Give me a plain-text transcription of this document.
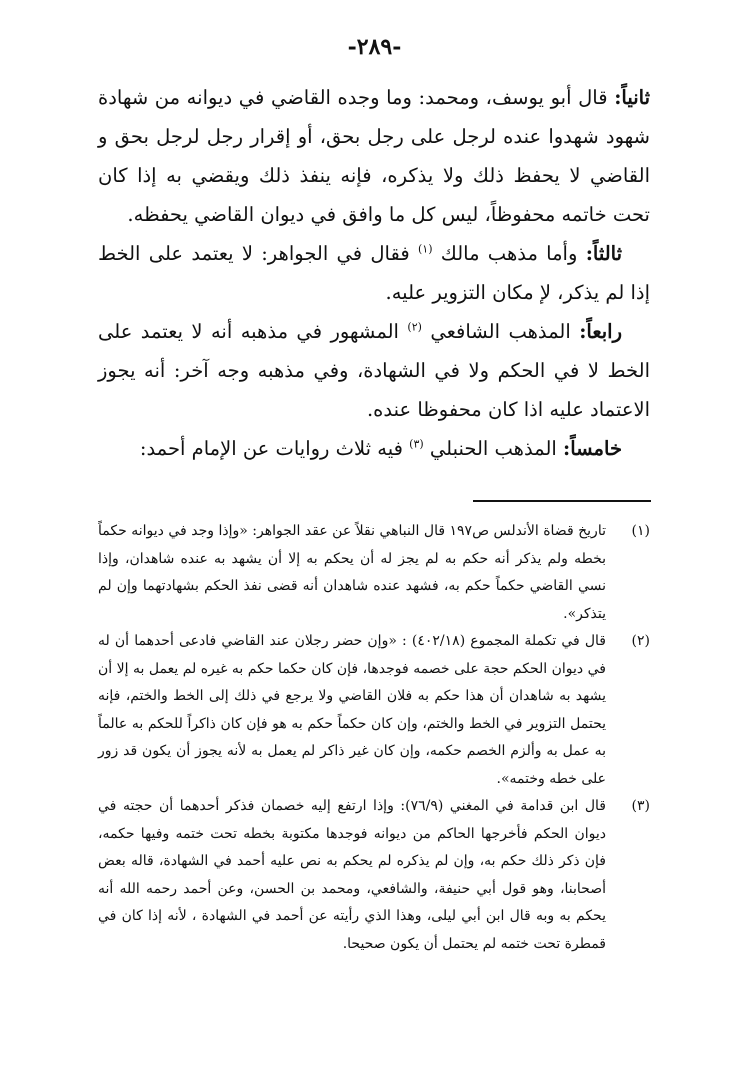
-٢٨٩-

ثانياً: قال أبو يوسف، ومحمد: وما وجده القاضي في ديوانه من شهادة شهود شهدوا عنده لرجل على رجل بحق، أو إقرار رجل لرجل بحق و القاضي لا يحفظ ذلك ولا يذكره، فإنه ينفذ ذلك ويقضي به إذا كان تحت خاتمه محفوظاً، ليس كل ما وافق في ديوان القاضي يحفظه.

ثالثاً: وأما مذهب مالك $^{(١)}$ فقال في الجواهر: لا يعتمد على الخط إذا لم يذكر، لإ مكان التزوير عليه.

رابعاً: المذهب الشافعي $^{(٢)}$ المشهور في مذهبه أنه لا يعتمد على الخط لا في الحكم ولا في الشهادة، وفي مذهبه وجه آخر: أنه يجوز الاعتماد عليه اذا كان محفوظا عنده.

خامساً: المذهب الحنبلي $^{(٣)}$ فيه ثلاث روايات عن الإمام أحمد:

(١)
تاريخ قضاة الأندلس ص١٩٧ قال النباهي نقلاً عن عقد الجواهر: «وإذا وجد في ديوانه حكماً بخطه ولم يذكر أنه حكم به لم يجز له أن يحكم به إلا أن يشهد به عنده شاهدان، وإذا نسي القاضي حكماً حكم به، فشهد عنده شاهدان أنه قضى نفذ الحكم بشهادتهما وإن لم يتذكر».
(٢)
قال في تكملة المجموع (٤٠٢/١٨) : «وإن حضر رجلان عند القاضي فادعى أحدهما أن له في ديوان الحكم حجة على خصمه فوجدها، فإن كان حكما حكم به غيره لم يعمل به إلا أن يشهد به شاهدان أن هذا حكم به فلان القاضي ولا يرجع في ذلك إلى الخط والختم، فإنه يحتمل التزوير في الخط والختم، وإن كان حكماً حكم به هو فإن كان ذاكراً للحكم به عالماً به عمل به وألزم الخصم حكمه، وإن كان غير ذاكر لم يعمل به لأنه يجوز أن يكون قد زور على خطه وختمه».
(٣)
قال ابن قدامة في المغني (٧٦/٩): وإذا ارتفع إليه خصمان فذكر أحدهما أن حجته في ديوان الحكم فأخرجها الحاكم من ديوانه فوجدها مكتوبة بخطه تحت ختمه وفيها حكمه، فإن ذكر ذلك حكم به، وإن لم يذكره لم يحكم به نص عليه أحمد في الشهادة، قاله بعض أصحابنا، وهو قول أبي حنيفة، والشافعي، ومحمد بن الحسن، وعن أحمد رحمه الله أنه يحكم به وبه قال ابن أبي ليلى، وهذا الذي رأيته عن أحمد في الشهادة ، لأنه إذا كان في قمطرة تحت ختمه لم يحتمل أن يكون صحيحا.
